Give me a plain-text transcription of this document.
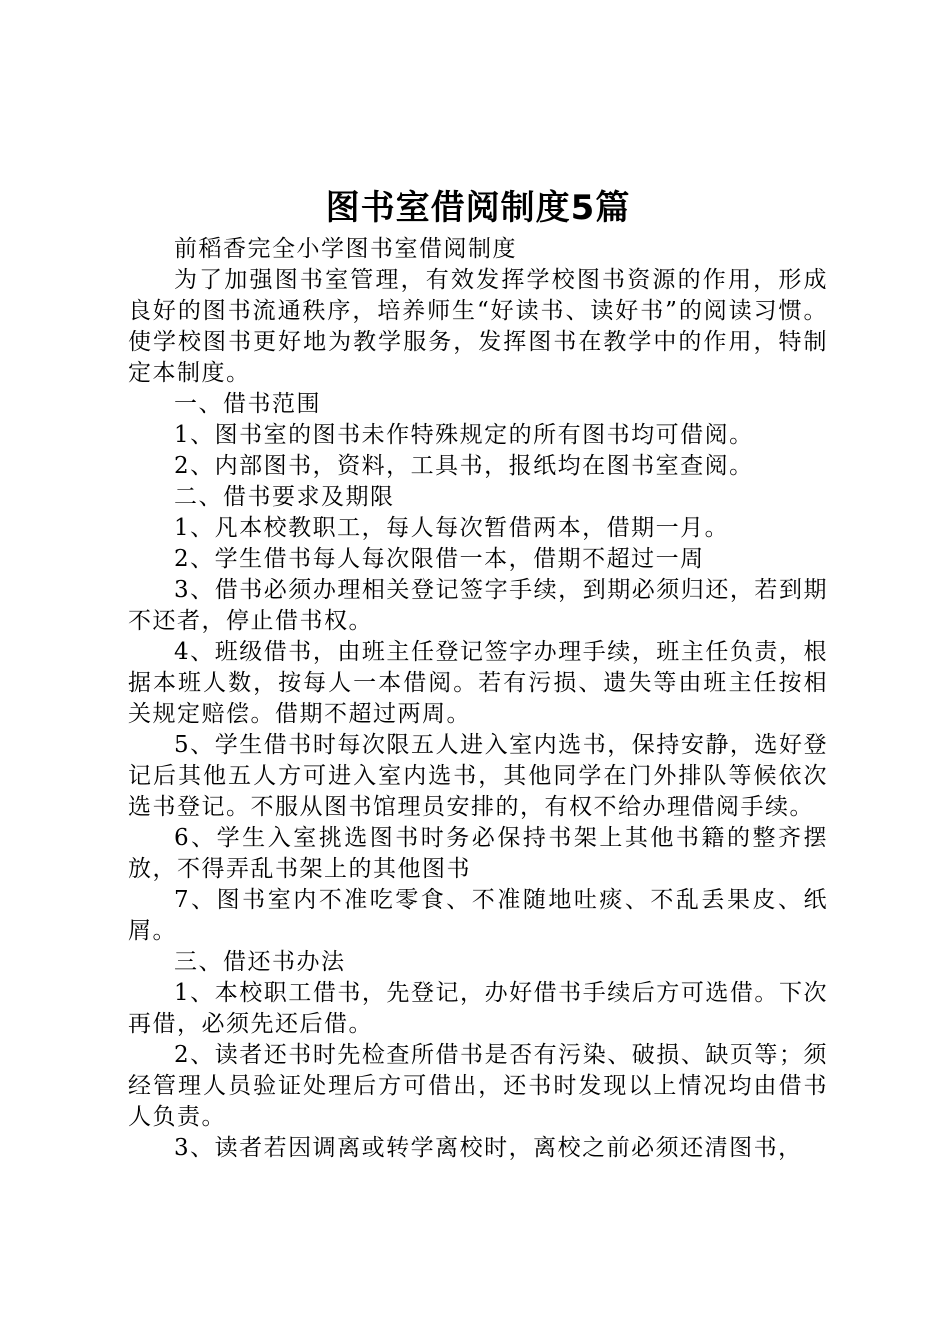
图书室借阅制度5篇

前稻香完全小学图书室借阅制度

为了加强图书室管理，有效发挥学校图书资源的作用，形成良好的图书流通秩序，培养师生“好读书、读好书”的阅读习惯。使学校图书更好地为教学服务，发挥图书在教学中的作用，特制定本制度。

一、借书范围

1、图书室的图书未作特殊规定的所有图书均可借阅。

2、内部图书，资料，工具书，报纸均在图书室查阅。

二、借书要求及期限

1、凡本校教职工，每人每次暂借两本，借期一月。

2、学生借书每人每次限借一本，借期不超过一周

3、借书必须办理相关登记签字手续，到期必须归还，若到期不还者，停止借书权。

4、班级借书，由班主任登记签字办理手续，班主任负责，根据本班人数，按每人一本借阅。若有污损、遗失等由班主任按相关规定赔偿。借期不超过两周。

5、学生借书时每次限五人进入室内选书，保持安静，选好登记后其他五人方可进入室内选书，其他同学在门外排队等候依次选书登记。不服从图书馆理员安排的，有权不给办理借阅手续。

6、学生入室挑选图书时务必保持书架上其他书籍的整齐摆放，不得弄乱书架上的其他图书

7、图书室内不准吃零食、不准随地吐痰、不乱丢果皮、纸屑。

三、借还书办法

1、本校职工借书，先登记，办好借书手续后方可选借。下次再借，必须先还后借。

2、读者还书时先检查所借书是否有污染、破损、缺页等；须经管理人员验证处理后方可借出，还书时发现以上情况均由借书人负责。

3、读者若因调离或转学离校时，离校之前必须还清图书，
